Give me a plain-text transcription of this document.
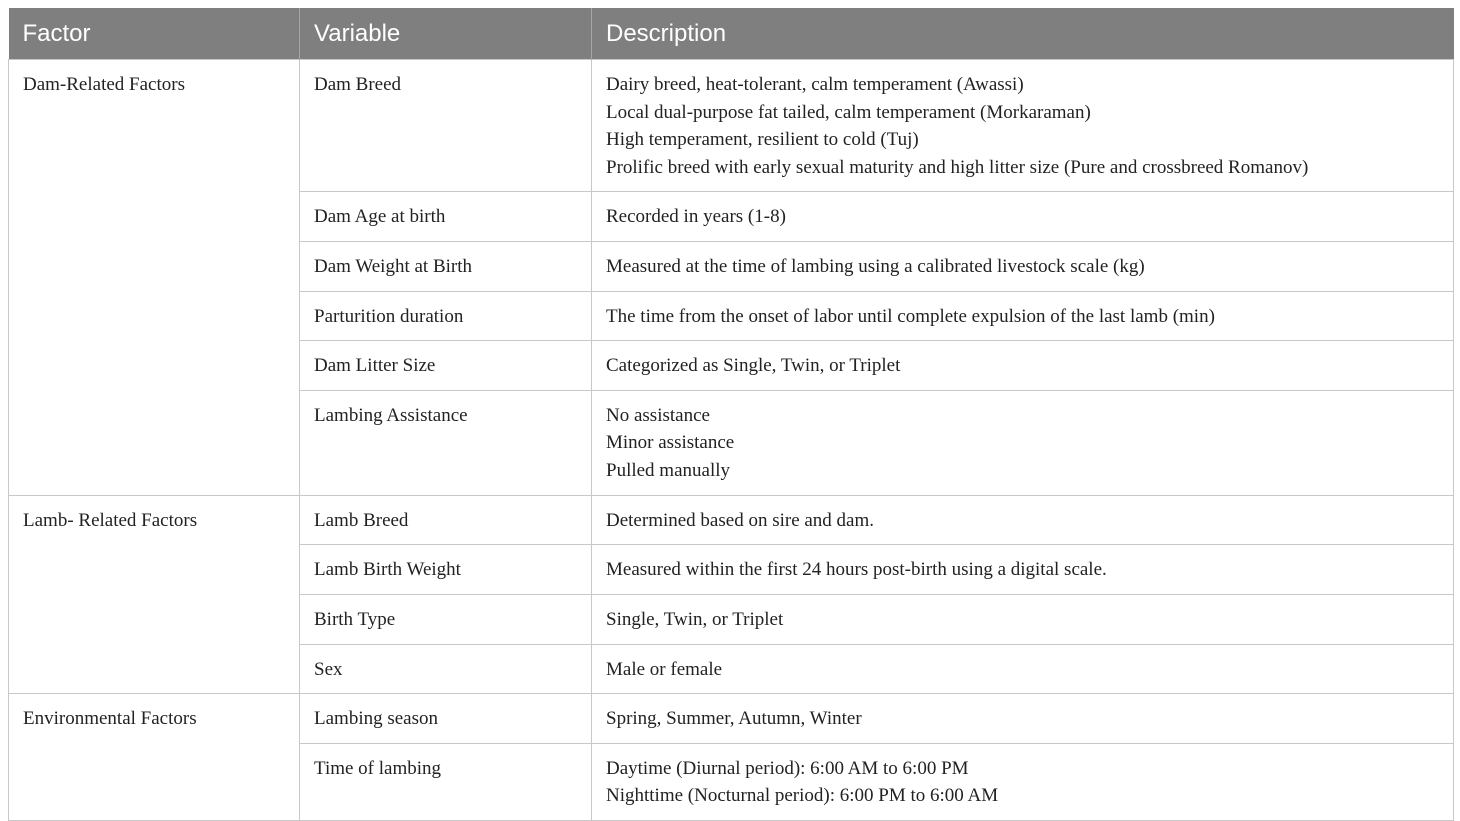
Factor	Variable	Description
Dam-Related Factors	Dam Breed	Dairy breed, heat-tolerant, calm temperament (Awassi)
Local dual-purpose fat tailed, calm temperament (Morkaraman)
High temperament, resilient to cold (Tuj)
Prolific breed with early sexual maturity and high litter size (Pure and crossbreed Romanov)

	Dam Age at birth	Recorded in years (1-8)

	Dam Weight at Birth	Measured at the time of lambing using a calibrated livestock scale (kg)

	Parturition duration	The time from the onset of labor until complete expulsion of the last lamb (min)

	Dam Litter Size	Categorized as Single, Twin, or Triplet

	Lambing Assistance	No assistance
Minor assistance
Pulled manually

Lamb- Related Factors	Lamb Breed	Determined based on sire and dam.

	Lamb Birth Weight	Measured within the first 24 hours post-birth using a digital scale.

	Birth Type	Single, Twin, or Triplet

	Sex	Male or female

Environmental Factors	Lambing season	Spring, Summer, Autumn, Winter

	Time of lambing	Daytime (Diurnal period): 6:00 AM to 6:00 PM
Nighttime (Nocturnal period): 6:00 PM to 6:00 AM
